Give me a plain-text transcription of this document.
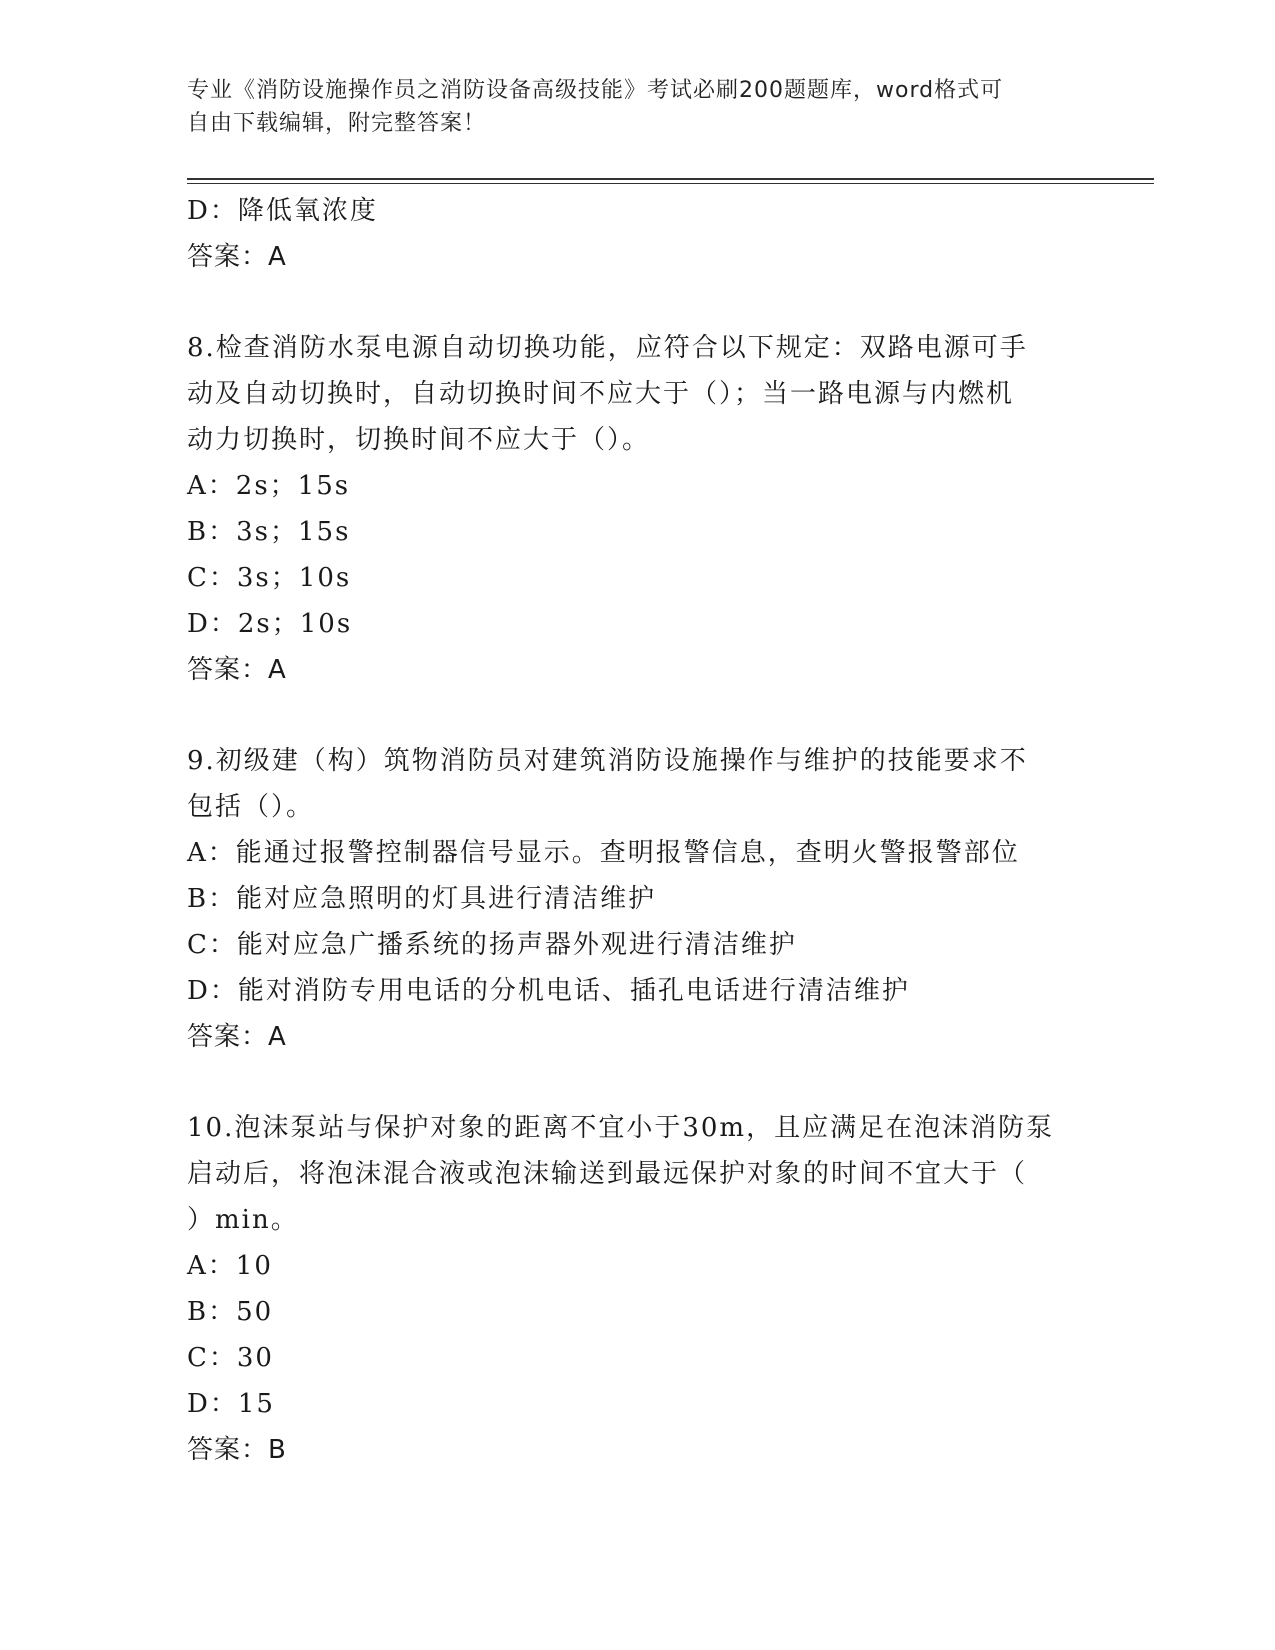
专业《消防设施操作员之消防设备高级技能》考试必刷200题题库，word格式可
自由下载编辑，附完整答案！
D：降低氧浓度
答案：A
8.检查消防水泵电源自动切换功能，应符合以下规定：双路电源可手
动及自动切换时，自动切换时间不应大于（）；当一路电源与内燃机
动力切换时，切换时间不应大于（）。
A：2s；15s
B：3s；15s
C：3s；10s
D：2s；10s
答案：A
9.初级建（构）筑物消防员对建筑消防设施操作与维护的技能要求不
包括（）。
A：能通过报警控制器信号显示。查明报警信息，查明火警报警部位
B：能对应急照明的灯具进行清洁维护
C：能对应急广播系统的扬声器外观进行清洁维护
D：能对消防专用电话的分机电话、插孔电话进行清洁维护
答案：A
10.泡沫泵站与保护对象的距离不宜小于30m，且应满足在泡沫消防泵
启动后，将泡沫混合液或泡沫输送到最远保护对象的时间不宜大于（
）min。
A：10
B：50
C：30
D：15
答案：B
